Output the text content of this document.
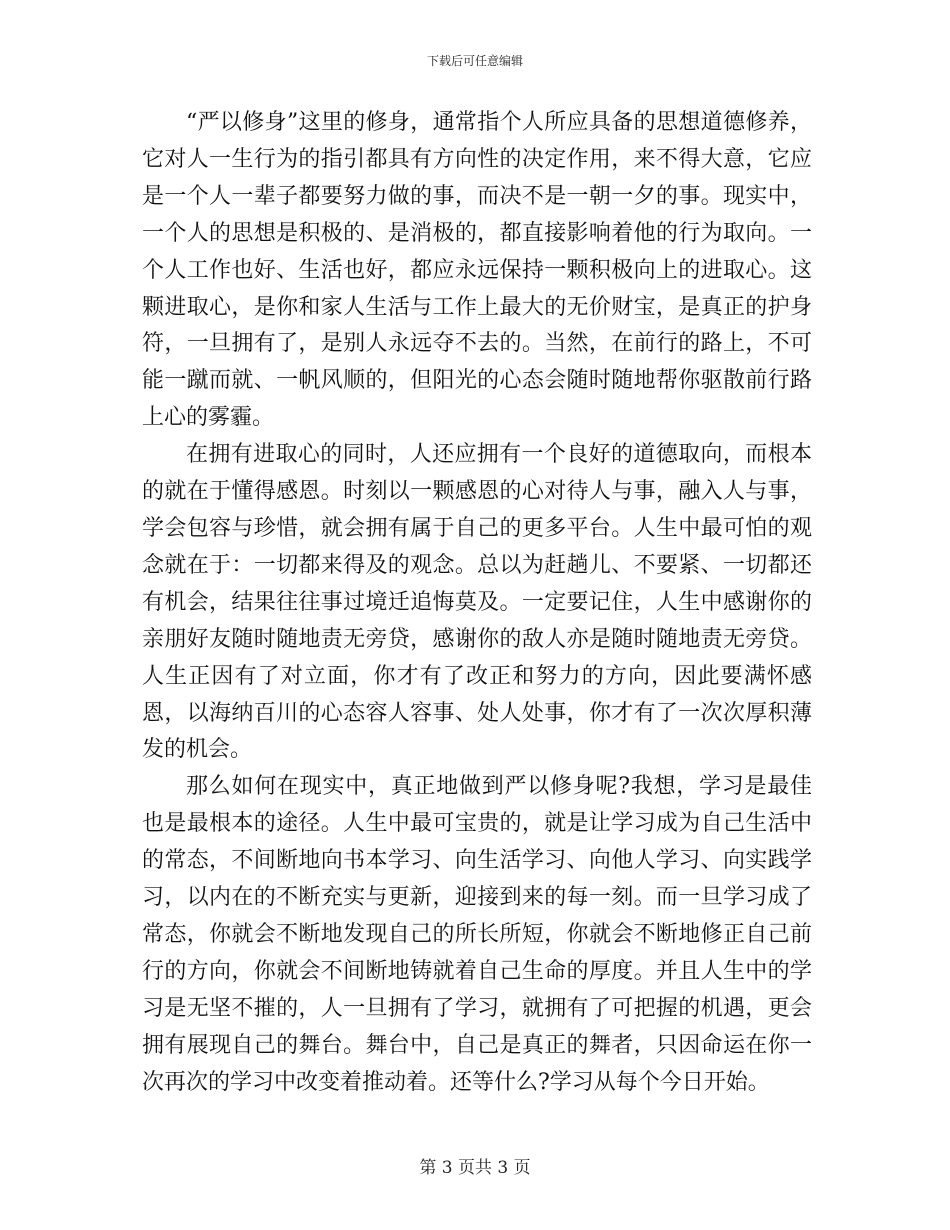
下载后可任意编辑

“严以修身”这里的修身，通常指个人所应具备的思想道德修养，它对人一生行为的指引都具有方向性的决定作用，来不得大意，它应是一个人一辈子都要努力做的事，而决不是一朝一夕的事。现实中，一个人的思想是积极的、是消极的，都直接影响着他的行为取向。一个人工作也好、生活也好，都应永远保持一颗积极向上的进取心。这颗进取心，是你和家人生活与工作上最大的无价财宝，是真正的护身符，一旦拥有了，是别人永远夺不去的。当然，在前行的路上，不可能一蹴而就、一帆风顺的，但阳光的心态会随时随地帮你驱散前行路上心的雾霾。

在拥有进取心的同时，人还应拥有一个良好的道德取向，而根本的就在于懂得感恩。时刻以一颗感恩的心对待人与事，融入人与事，学会包容与珍惜，就会拥有属于自己的更多平台。人生中最可怕的观念就在于：一切都来得及的观念。总以为赶趟儿、不要紧、一切都还有机会，结果往往事过境迁追悔莫及。一定要记住，人生中感谢你的亲朋好友随时随地责无旁贷，感谢你的敌人亦是随时随地责无旁贷。人生正因有了对立面，你才有了改正和努力的方向，因此要满怀感恩，以海纳百川的心态容人容事、处人处事，你才有了一次次厚积薄发的机会。

那么如何在现实中，真正地做到严以修身呢?我想，学习是最佳也是最根本的途径。人生中最可宝贵的，就是让学习成为自己生活中的常态，不间断地向书本学习、向生活学习、向他人学习、向实践学习，以内在的不断充实与更新，迎接到来的每一刻。而一旦学习成了常态，你就会不断地发现自己的所长所短，你就会不断地修正自己前行的方向，你就会不间断地铸就着自己生命的厚度。并且人生中的学习是无坚不摧的，人一旦拥有了学习，就拥有了可把握的机遇，更会拥有展现自己的舞台。舞台中，自己是真正的舞者，只因命运在你一次再次的学习中改变着推动着。还等什么?学习从每个今日开始。

第 3 页共 3 页
